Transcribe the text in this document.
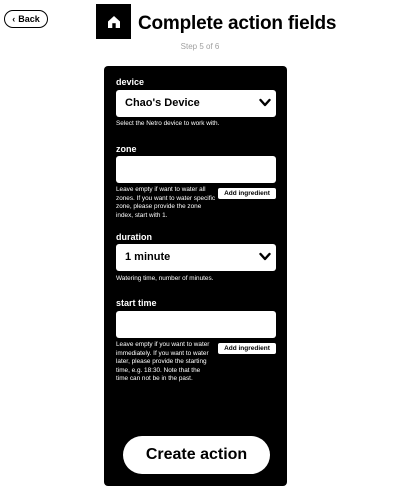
‹ Back	Complete action fields
Step 5 of 6
device
Chao's Device
Select the Netro device to work with.
zone
Leave empty if want to water all zones. If you want to water specific zone, please provide the zone index, start with 1.
Add ingredient
duration
1 minute
Watering time, number of minutes.
start time
Leave empty if you want to water immediately. If you want to water later, please provide the starting time, e.g. 18:30. Note that the time can not be in the past.
Add ingredient
Create action
